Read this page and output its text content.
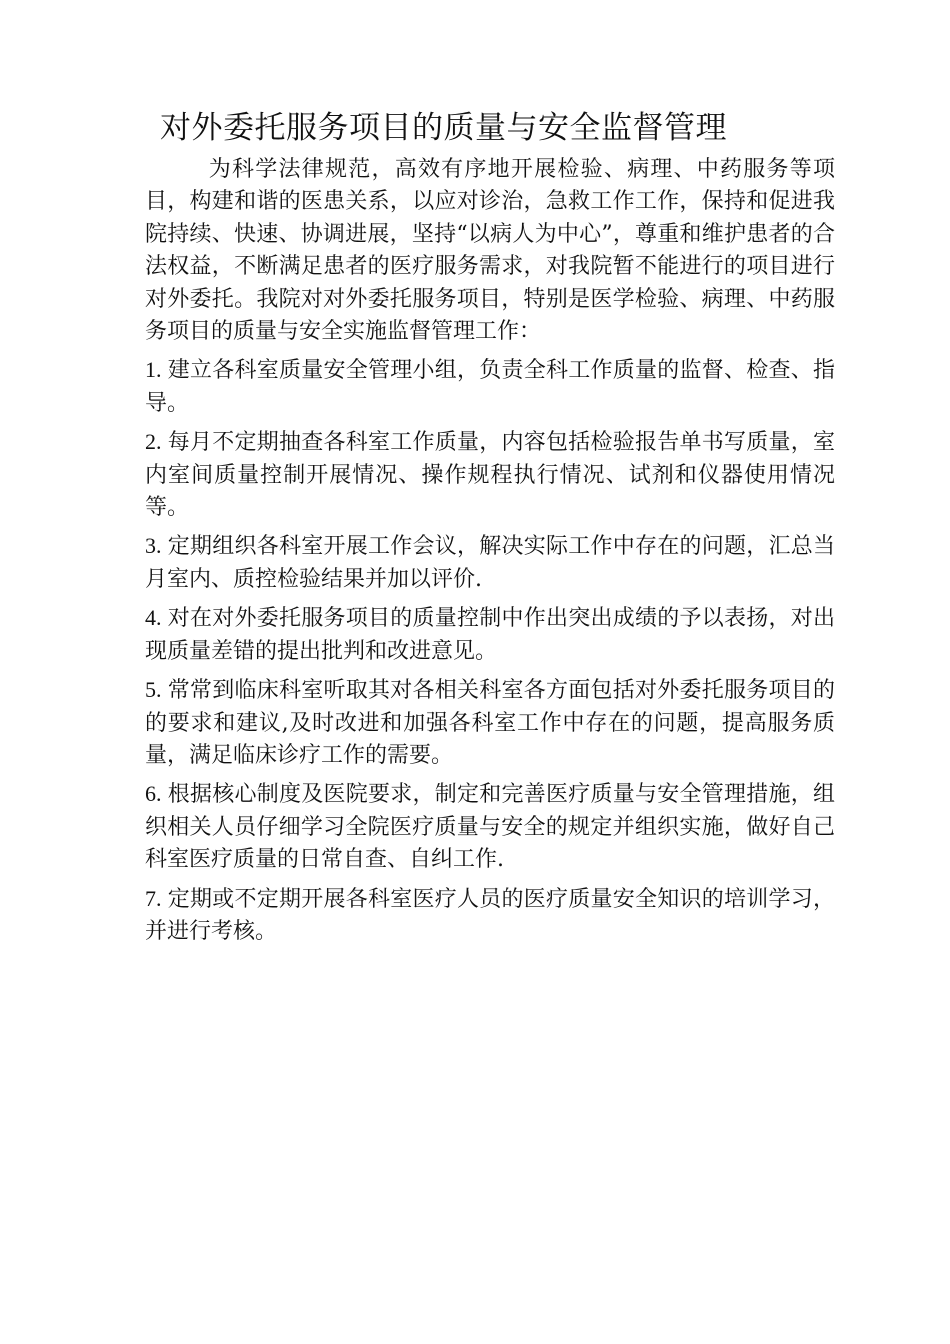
对外委托服务项目的质量与安全监督管理

为科学法律规范，高效有序地开展检验、病理、中药服务等项目，构建和谐的医患关系，以应对诊治，急救工作工作，保持和促进我院持续、快速、协调进展，坚持“以病人为中心”，尊重和维护患者的合法权益，不断满足患者的医疗服务需求，对我院暂不能进行的项目进行对外委托。我院对对外委托服务项目，特别是医学检验、病理、中药服务项目的质量与安全实施监督管理工作：

1. 建立各科室质量安全管理小组，负责全科工作质量的监督、检查、指导。

2. 每月不定期抽查各科室工作质量，内容包括检验报告单书写质量，室内室间质量控制开展情况、操作规程执行情况、试剂和仪器使用情况等。

3. 定期组织各科室开展工作会议，解决实际工作中存在的问题，汇总当月室内、质控检验结果并加以评价.

4. 对在对外委托服务项目的质量控制中作出突出成绩的予以表扬，对出现质量差错的提出批判和改进意见。

5. 常常到临床科室听取其对各相关科室各方面包括对外委托服务项目的的要求和建议,及时改进和加强各科室工作中存在的问题，提高服务质量，满足临床诊疗工作的需要。

6. 根据核心制度及医院要求，制定和完善医疗质量与安全管理措施，组织相关人员仔细学习全院医疗质量与安全的规定并组织实施，做好自己科室医疗质量的日常自查、自纠工作.

7. 定期或不定期开展各科室医疗人员的医疗质量安全知识的培训学习，并进行考核。
